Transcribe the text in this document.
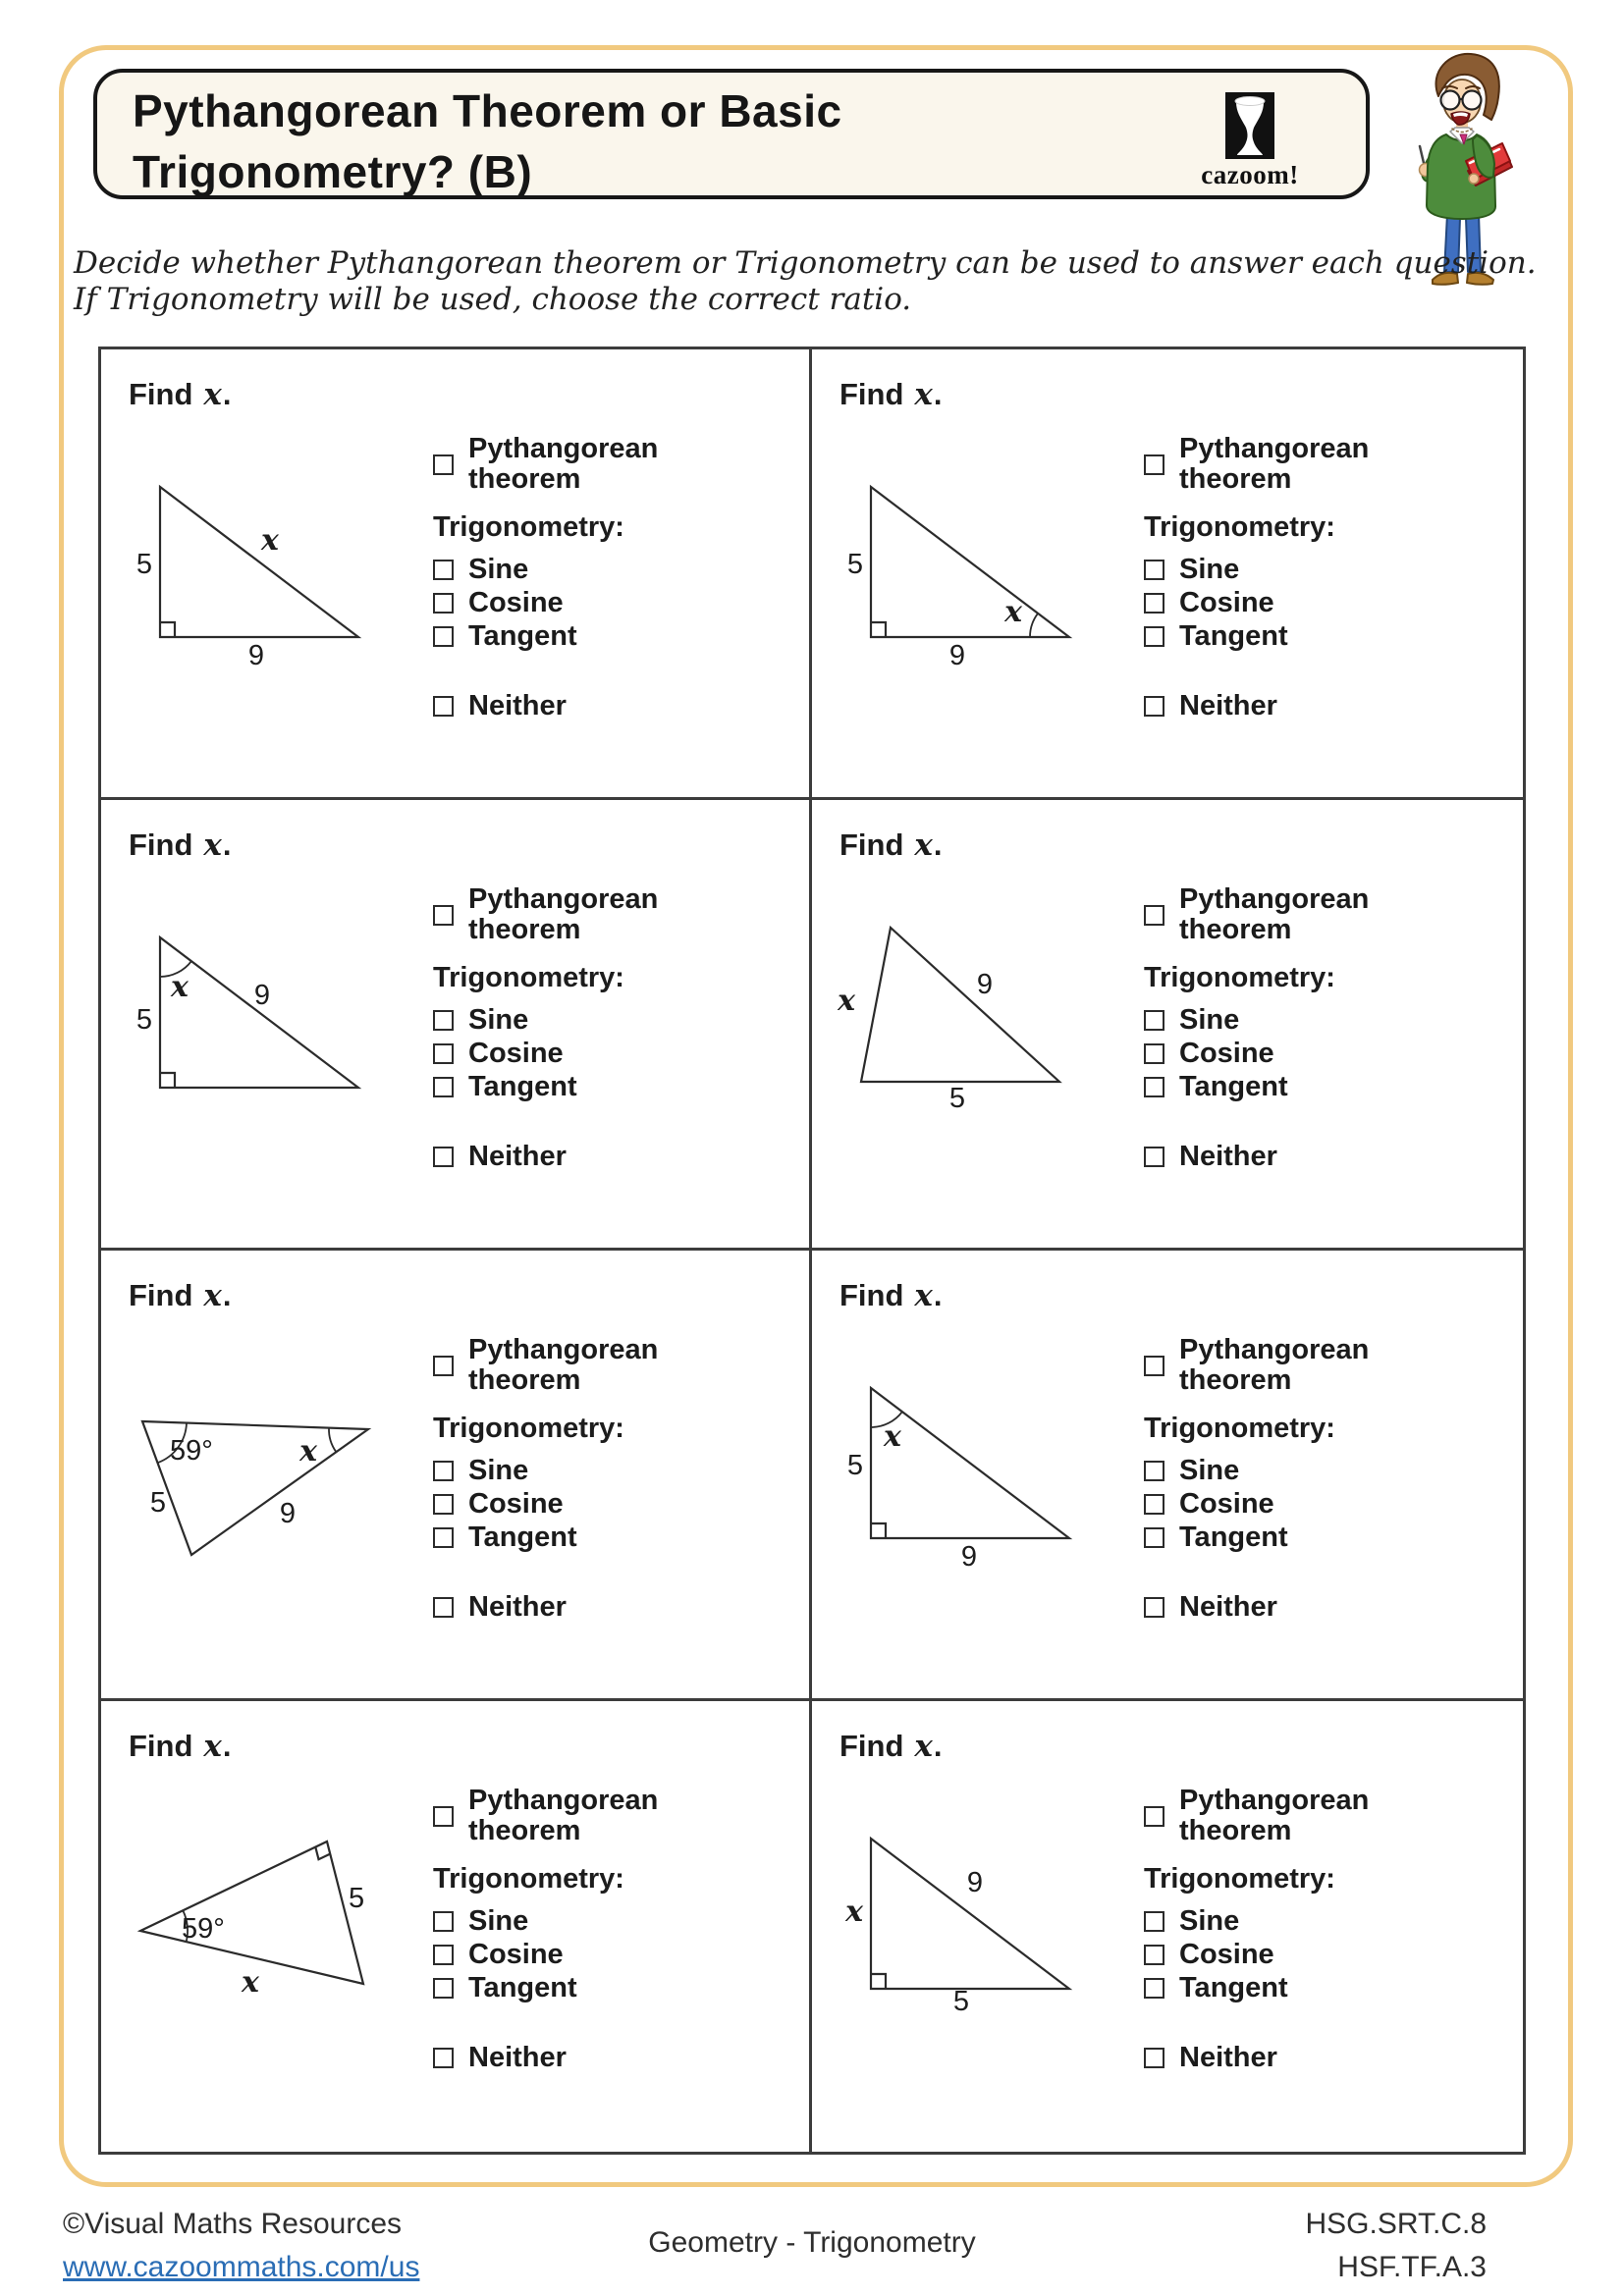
Pythangorean Theorem or Basic
Trigonometry? (B)	cazoom!
Decide whether Pythangorean theorem or Trigonometry can be used to answer each question.
If Trigonometry will be used, choose the correct ratio.
Find x.
5
x
9
Pythangorean
theorem
Trigonometry:
Sine
Cosine
Tangent
Neither
Find x.
5
9
x
Pythangorean
theorem
Trigonometry:
Sine
Cosine
Tangent
Neither
Find x.
x 9
5
Pythangorean
theorem
Trigonometry:
Sine
Cosine
Tangent
Neither
Find x.
x	9
5
Pythangorean
theorem
Trigonometry:
Sine
Cosine
Tangent
Neither
Find x.
59°	x
5	9
Pythangorean
theorem
Trigonometry:
Sine
Cosine
Tangent
Neither
Find x.
x
5
9
Pythangorean
theorem
Trigonometry:
Sine
Cosine
Tangent
Neither
Find x.
59°
5
x
Pythangorean
theorem
Trigonometry:
Sine
Cosine
Tangent
Neither
Find x.
x
9
5
Pythangorean
theorem
Trigonometry:
Sine
Cosine
Tangent
Neither
©Visual Maths Resources
www.cazoommaths.com/us
Geometry - Trigonometry
HSG.SRT.C.8
HSF.TF.A.3
